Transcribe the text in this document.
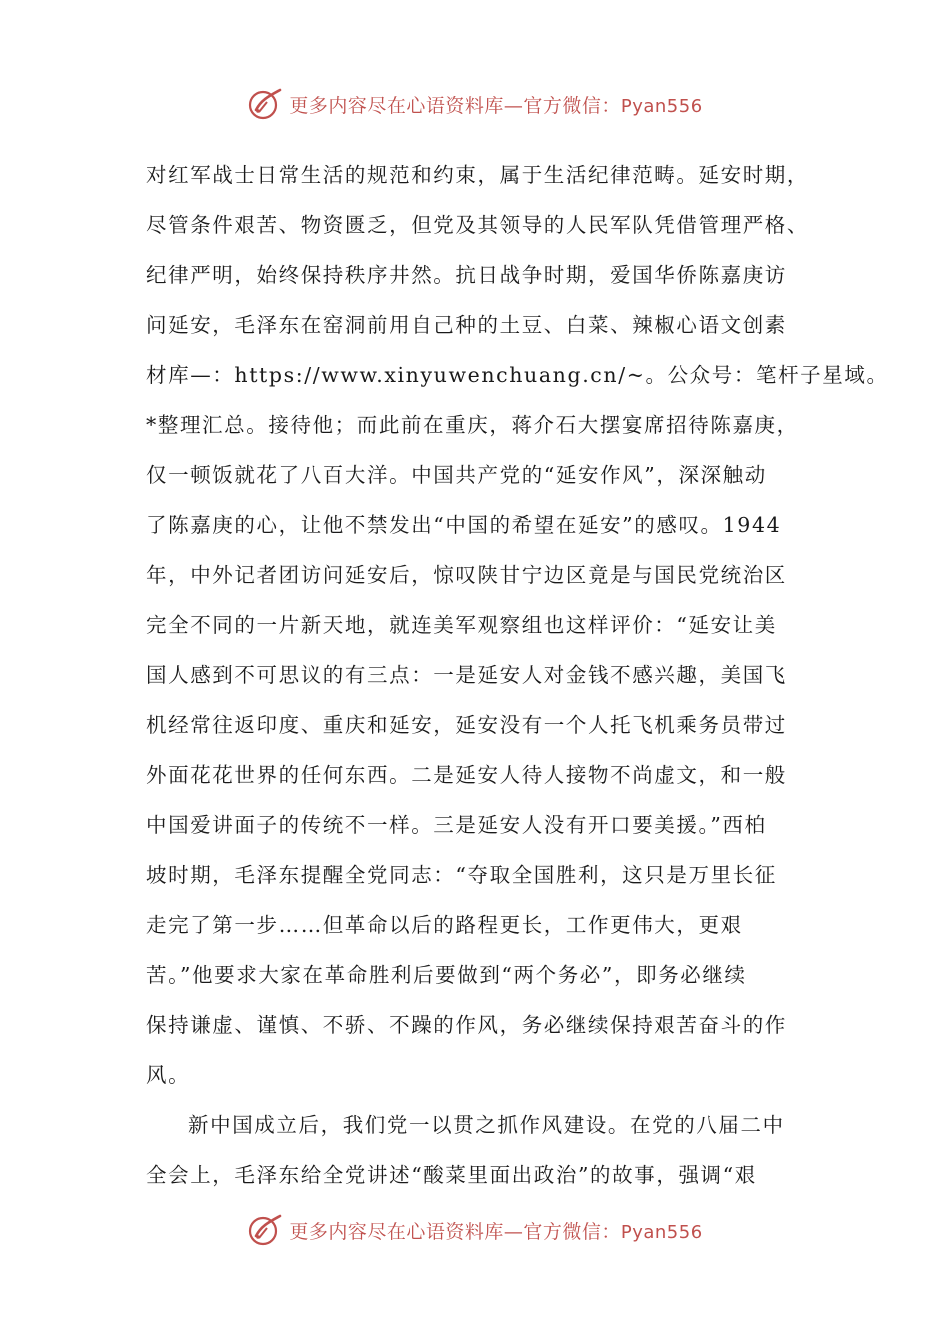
更多内容尽在心语资料库—官方微信：Pyan556
对红军战士日常生活的规范和约束，属于生活纪律范畴。延安时期，
尽管条件艰苦、物资匮乏，但党及其领导的人民军队凭借管理严格、
纪律严明，始终保持秩序井然。抗日战争时期，爱国华侨陈嘉庚访
问延安，毛泽东在窑洞前用自己种的土豆、白菜、辣椒心语文创素
材库—：https://www.xinyuwenchuang.cn/~。公众号：笔杆子星域。
*整理汇总。接待他；而此前在重庆，蒋介石大摆宴席招待陈嘉庚，
仅一顿饭就花了八百大洋。中国共产党的“延安作风”，深深触动
了陈嘉庚的心，让他不禁发出“中国的希望在延安”的感叹。1944
年，中外记者团访问延安后，惊叹陕甘宁边区竟是与国民党统治区
完全不同的一片新天地，就连美军观察组也这样评价：“延安让美
国人感到不可思议的有三点：一是延安人对金钱不感兴趣，美国飞
机经常往返印度、重庆和延安，延安没有一个人托飞机乘务员带过
外面花花世界的任何东西。二是延安人待人接物不尚虚文，和一般
中国爱讲面子的传统不一样。三是延安人没有开口要美援。”西柏
坡时期，毛泽东提醒全党同志：“夺取全国胜利，这只是万里长征
走完了第一步……但革命以后的路程更长，工作更伟大，更艰
苦。”他要求大家在革命胜利后要做到“两个务必”，即务必继续
保持谦虚、谨慎、不骄、不躁的作风，务必继续保持艰苦奋斗的作
风。
新中国成立后，我们党一以贯之抓作风建设。在党的八届二中
全会上，毛泽东给全党讲述“酸菜里面出政治”的故事，强调“艰
更多内容尽在心语资料库—官方微信：Pyan556
